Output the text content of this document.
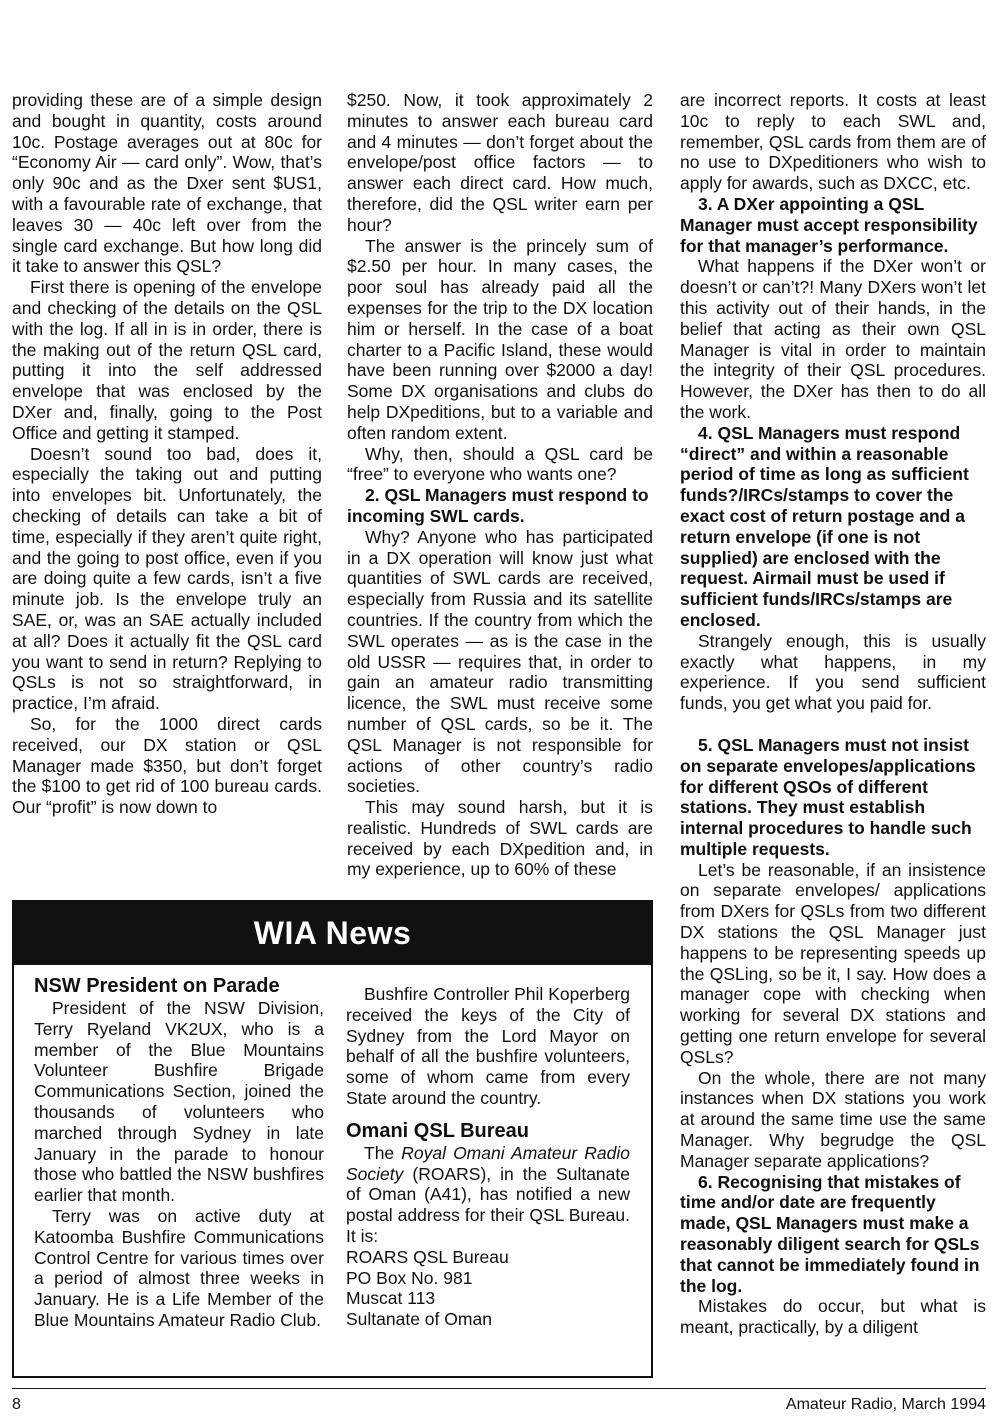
providing these are of a simple design and bought in quantity, costs around 10c. Postage averages out at 80c for “Economy Air — card only”. Wow, that’s only 90c and as the Dxer sent $US1, with a favourable rate of exchange, that leaves 30 — 40c left over from the single card exchange. But how long did it take to answer this QSL?

First there is opening of the envelope and checking of the details on the QSL with the log. If all in is in order, there is the making out of the return QSL card, putting it into the self addressed envelope that was enclosed by the DXer and, finally, going to the Post Office and getting it stamped.

Doesn’t sound too bad, does it, especially the taking out and putting into envelopes bit. Unfortunately, the checking of details can take a bit of time, especially if they aren’t quite right, and the going to post office, even if you are doing quite a few cards, isn’t a five minute job. Is the envelope truly an SAE, or, was an SAE actually included at all? Does it actually fit the QSL card you want to send in return? Replying to QSLs is not so straightforward, in practice, I’m afraid.

So, for the 1000 direct cards received, our DX station or QSL Manager made $350, but don’t forget the $100 to get rid of 100 bureau cards. Our “profit” is now down to

$250. Now, it took approximately 2 minutes to answer each bureau card and 4 minutes — don’t forget about the envelope/post office factors — to answer each direct card. How much, therefore, did the QSL writer earn per hour?

The answer is the princely sum of $2.50 per hour. In many cases, the poor soul has already paid all the expenses for the trip to the DX location him or herself. In the case of a boat charter to a Pacific Island, these would have been running over $2000 a day! Some DX organisations and clubs do help DXpeditions, but to a variable and often random extent.

Why, then, should a QSL card be “free” to everyone who wants one?

2. QSL Managers must respond to incoming SWL cards.

Why? Anyone who has participated in a DX operation will know just what quantities of SWL cards are received, especially from Russia and its satellite countries. If the country from which the SWL operates — as is the case in the old USSR — requires that, in order to gain an amateur radio transmitting licence, the SWL must receive some number of QSL cards, so be it. The QSL Manager is not responsible for actions of other country’s radio societies.

This may sound harsh, but it is realistic. Hundreds of SWL cards are received by each DXpedition and, in my experience, up to 60% of these

are incorrect reports. It costs at least 10c to reply to each SWL and, remember, QSL cards from them are of no use to DXpeditioners who wish to apply for awards, such as DXCC, etc.

3. A DXer appointing a QSL Manager must accept responsibility for that manager’s performance.

What happens if the DXer won’t or doesn’t or can’t?! Many DXers won’t let this activity out of their hands, in the belief that acting as their own QSL Manager is vital in order to maintain the integrity of their QSL procedures. However, the DXer has then to do all the work.

4. QSL Managers must respond “direct” and within a reasonable period of time as long as sufficient funds?/IRCs/stamps to cover the exact cost of return postage and a return envelope (if one is not supplied) are enclosed with the request. Airmail must be used if sufficient funds/IRCs/stamps are enclosed.

Strangely enough, this is usually exactly what happens, in my experience. If you send sufficient funds, you get what you paid for.

5. QSL Managers must not insist on separate envelopes/applications for different QSOs of different stations. They must establish internal procedures to handle such multiple requests.

Let’s be reasonable, if an insistence on separate envelopes/ applications from DXers for QSLs from two different DX stations the QSL Manager just happens to be representing speeds up the QSLing, so be it, I say. How does a manager cope with checking when working for several DX stations and getting one return envelope for several QSLs?

On the whole, there are not many instances when DX stations you work at around the same time use the same Manager. Why begrudge the QSL Manager separate applications?

6. Recognising that mistakes of time and/or date are frequently made, QSL Managers must make a reasonably diligent search for QSLs that cannot be immediately found in the log.

Mistakes do occur, but what is meant, practically, by a diligent

WIA News
NSW President on Parade

President of the NSW Division, Terry Ryeland VK2UX, who is a member of the Blue Mountains Volunteer Bushfire Brigade Communications Section, joined the thousands of volunteers who marched through Sydney in late January in the parade to honour those who battled the NSW bushfires earlier that month.

Terry was on active duty at Katoomba Bushfire Communications Control Centre for various times over a period of almost three weeks in January. He is a Life Member of the Blue Mountains Amateur Radio Club.

Bushfire Controller Phil Koperberg received the keys of the City of Sydney from the Lord Mayor on behalf of all the bushfire volunteers, some of whom came from every State around the country.

Omani QSL Bureau

The Royal Omani Amateur Radio Society (ROARS), in the Sultanate of Oman (A41), has notified a new postal address for their QSL Bureau. It is:

ROARS QSL Bureau
PO Box No. 981
Muscat 113
Sultanate of Oman
8	Amateur Radio, March 1994
